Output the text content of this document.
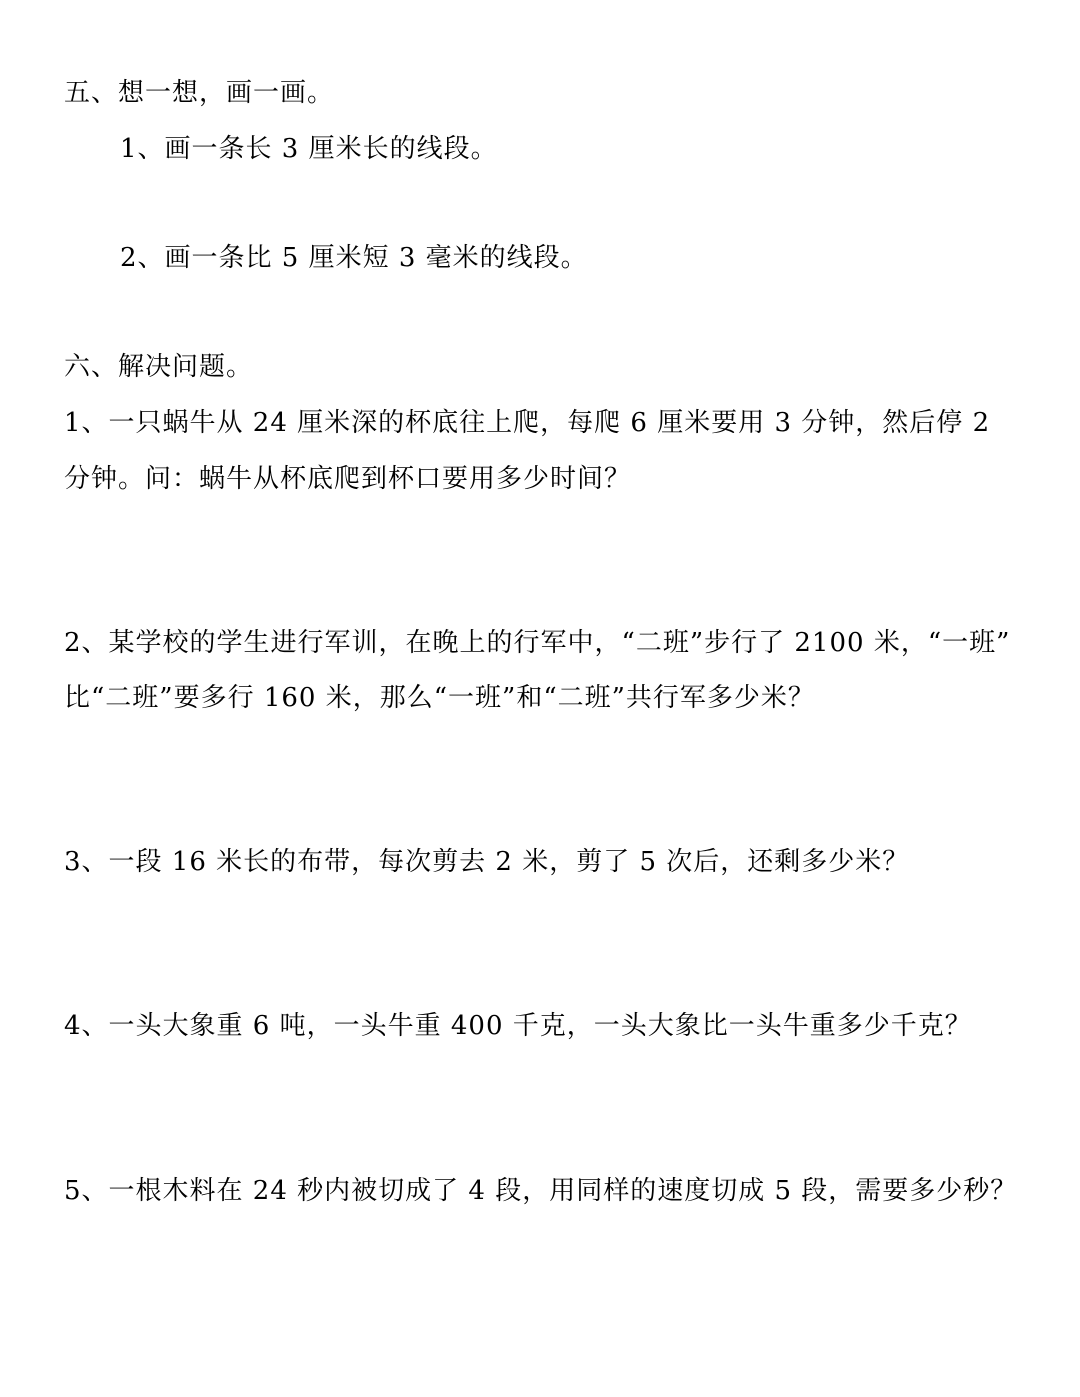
五、想一想，画一画。
1、画一条长 3 厘米长的线段。
2、画一条比 5 厘米短 3 毫米的线段。
六、解决问题。
1、一只蜗牛从 24 厘米深的杯底往上爬，每爬 6 厘米要用 3 分钟，然后停 2
分钟。问：蜗牛从杯底爬到杯口要用多少时间？
2、某学校的学生进行军训，在晚上的行军中，“二班”步行了 2100 米，“一班”
比“二班”要多行 160 米，那么“一班”和“二班”共行军多少米？
3、一段 16 米长的布带，每次剪去 2 米，剪了 5 次后，还剩多少米？
4、一头大象重 6 吨，一头牛重 400 千克，一头大象比一头牛重多少千克？
5、一根木料在 24 秒内被切成了 4 段，用同样的速度切成 5 段，需要多少秒？
